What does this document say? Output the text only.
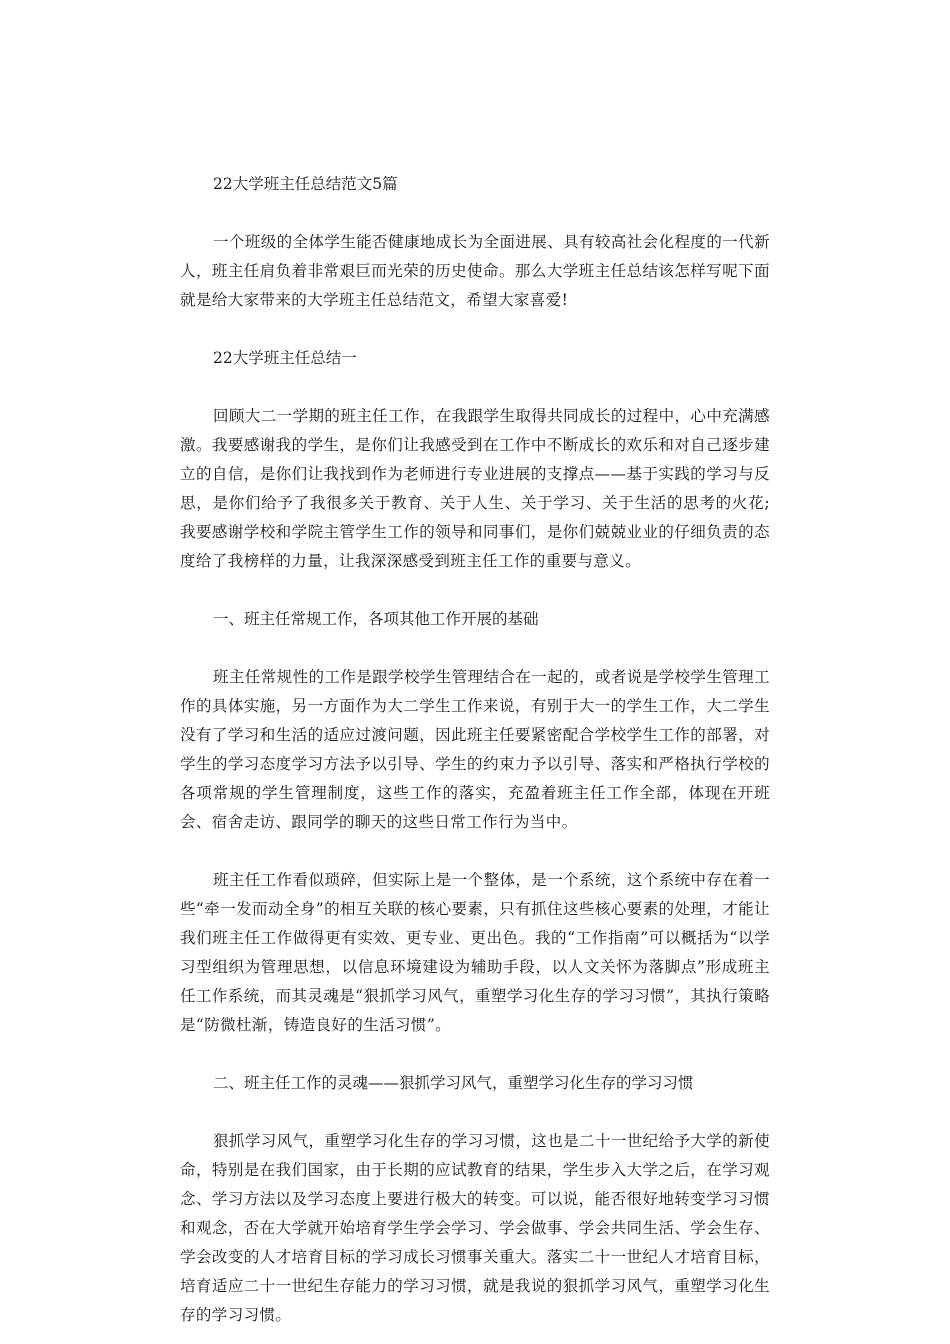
22大学班主任总结范文5篇

一个班级的全体学生能否健康地成长为全面进展、具有较高社会化程度的一代新人，班主任肩负着非常艰巨而光荣的历史使命。那么大学班主任总结该怎样写呢下面就是给大家带来的大学班主任总结范文，希望大家喜爱!

22大学班主任总结一

回顾大二一学期的班主任工作，在我跟学生取得共同成长的过程中，心中充满感激。我要感谢我的学生，是你们让我感受到在工作中不断成长的欢乐和对自己逐步建立的自信，是你们让我找到作为老师进行专业进展的支撑点——基于实践的学习与反思，是你们给予了我很多关于教育、关于人生、关于学习、关于生活的思考的火花;我要感谢学校和学院主管学生工作的领导和同事们，是你们兢兢业业的仔细负责的态度给了我榜样的力量，让我深深感受到班主任工作的重要与意义。

一、班主任常规工作，各项其他工作开展的基础

班主任常规性的工作是跟学校学生管理结合在一起的，或者说是学校学生管理工作的具体实施，另一方面作为大二学生工作来说，有别于大一的学生工作，大二学生没有了学习和生活的适应过渡问题，因此班主任要紧密配合学校学生工作的部署，对学生的学习态度学习方法予以引导、学生的约束力予以引导、落实和严格执行学校的各项常规的学生管理制度，这些工作的落实，充盈着班主任工作全部，体现在开班会、宿舍走访、跟同学的聊天的这些日常工作行为当中。

班主任工作看似琐碎，但实际上是一个整体，是一个系统，这个系统中存在着一些“牵一发而动全身”的相互关联的核心要素，只有抓住这些核心要素的处理，才能让我们班主任工作做得更有实效、更专业、更出色。我的“工作指南”可以概括为“以学习型组织为管理思想，以信息环境建设为辅助手段，以人文关怀为落脚点”形成班主任工作系统，而其灵魂是“狠抓学习风气，重塑学习化生存的学习习惯”，其执行策略是“防微杜渐，铸造良好的生活习惯”。

二、班主任工作的灵魂——狠抓学习风气，重塑学习化生存的学习习惯

狠抓学习风气，重塑学习化生存的学习习惯，这也是二十一世纪给予大学的新使命，特别是在我们国家，由于长期的应试教育的结果，学生步入大学之后，在学习观念、学习方法以及学习态度上要进行极大的转变。可以说，能否很好地转变学习习惯和观念，否在大学就开始培育学生学会学习、学会做事、学会共同生活、学会生存、学会改变的人才培育目标的学习成长习惯事关重大。落实二十一世纪人才培育目标，培育适应二十一世纪生存能力的学习习惯，就是我说的狠抓学习风气，重塑学习化生存的学习习惯。
